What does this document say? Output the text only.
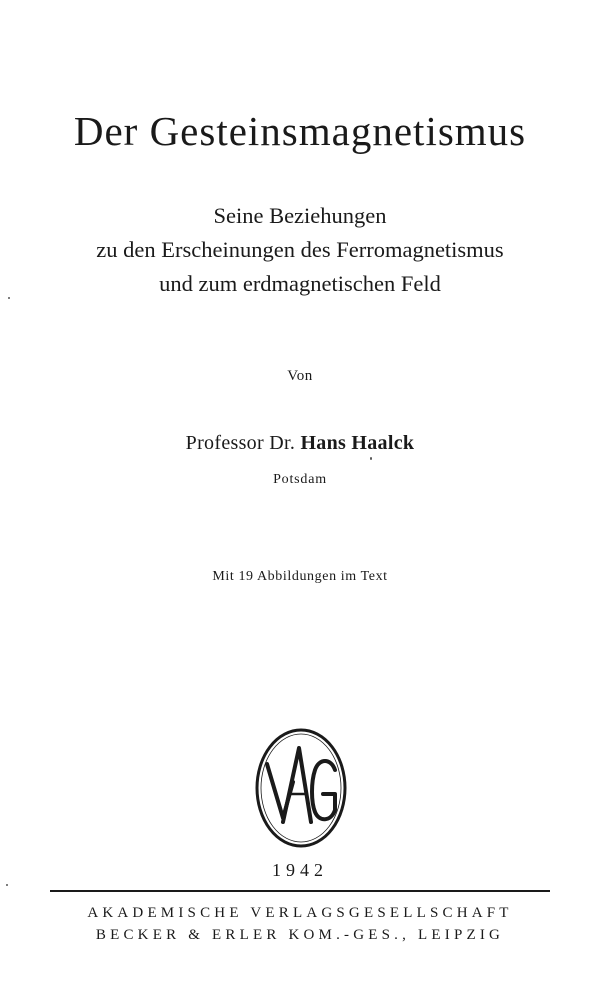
Der Gesteinsmagnetismus
Seine Beziehungen
zu den Erscheinungen des Ferromagnetismus
und zum erdmagnetischen Feld
Von
Professor Dr. Hans Haalck
Potsdam
Mit 19 Abbildungen im Text
1942
AKADEMISCHE VERLAGSGESELLSCHAFT
BECKER & ERLER KOM.-GES., LEIPZIG
